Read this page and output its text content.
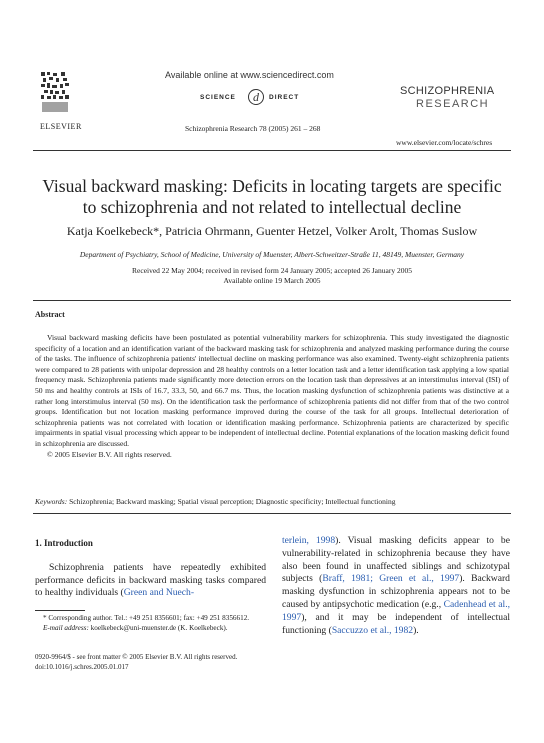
ELSEVIER
Available online at www.sciencedirect.com
SCIENCE d DIRECT
Schizophrenia Research 78 (2005) 261 – 268
SCHIZOPHRENIA
RESEARCH
www.elsevier.com/locate/schres
Visual backward masking: Deficits in locating targets are specific
to schizophrenia and not related to intellectual decline
Katja Koelkebeck*, Patricia Ohrmann, Guenter Hetzel, Volker Arolt, Thomas Suslow
Department of Psychiatry, School of Medicine, University of Muenster, Albert-Schweitzer-Straße 11, 48149, Muenster, Germany
Received 22 May 2004; received in revised form 24 January 2005; accepted 26 January 2005
Available online 19 March 2005
Abstract

Visual backward masking deficits have been postulated as potential vulnerability markers for schizophrenia. This study investigated the diagnostic specificity of a location and an identification variant of the backward masking task for schizophrenia and analyzed masking performance during the course of the tasks. The influence of schizophrenia patients' intellectual decline on masking performance was also examined. Twenty-eight schizophrenia patients were compared to 28 patients with unipolar depression and 28 healthy controls on a letter location task and a letter identification task applying a low spatial frequency mask. Schizophrenia patients made significantly more detection errors on the location task than depressives at an interstimulus interval (ISI) of 50 ms and healthy controls at ISIs of 16.7, 33.3, 50, and 66.7 ms. Thus, the location masking dysfunction of schizophrenia patients was distinctive at a rather long interstimulus interval (50 ms). On the identification task the performance of schizophrenia patients did not differ from that of the two control groups. Identification but not location masking performance improved during the course of the task for all groups. Intellectual deterioration of schizophrenia patients was not correlated with location or identification masking performance. Schizophrenia patients are characterized by specific impairments in spatial visual processing which appear to be independent of intellectual decline. Potential explanations of the location masking deficit found in schizophrenia are discussed.

© 2005 Elsevier B.V. All rights reserved.

Keywords: Schizophrenia; Backward masking; Spatial visual perception; Diagnostic specificity; Intellectual functioning
1. Introduction

Schizophrenia patients have repeatedly exhibited performance deficits in backward masking tasks compared to healthy individuals (Green and Nuech-

* Corresponding author. Tel.: +49 251 8356601; fax: +49 251 8356612.
E-mail address: koelkebeck@uni-muenster.de (K. Koelkebeck).
0920-9964/$ - see front matter © 2005 Elsevier B.V. All rights reserved.
doi:10.1016/j.schres.2005.01.017

terlein, 1998). Visual masking deficits appear to be vulnerability-related in schizophrenia because they have also been found in unaffected siblings and schizotypal subjects (Braff, 1981; Green et al., 1997). Backward masking dysfunction in schizophrenia appears not to be caused by antipsychotic medication (e.g., Cadenhead et al., 1997), and it may be independent of intellectual functioning (Saccuzzo et al., 1982).
